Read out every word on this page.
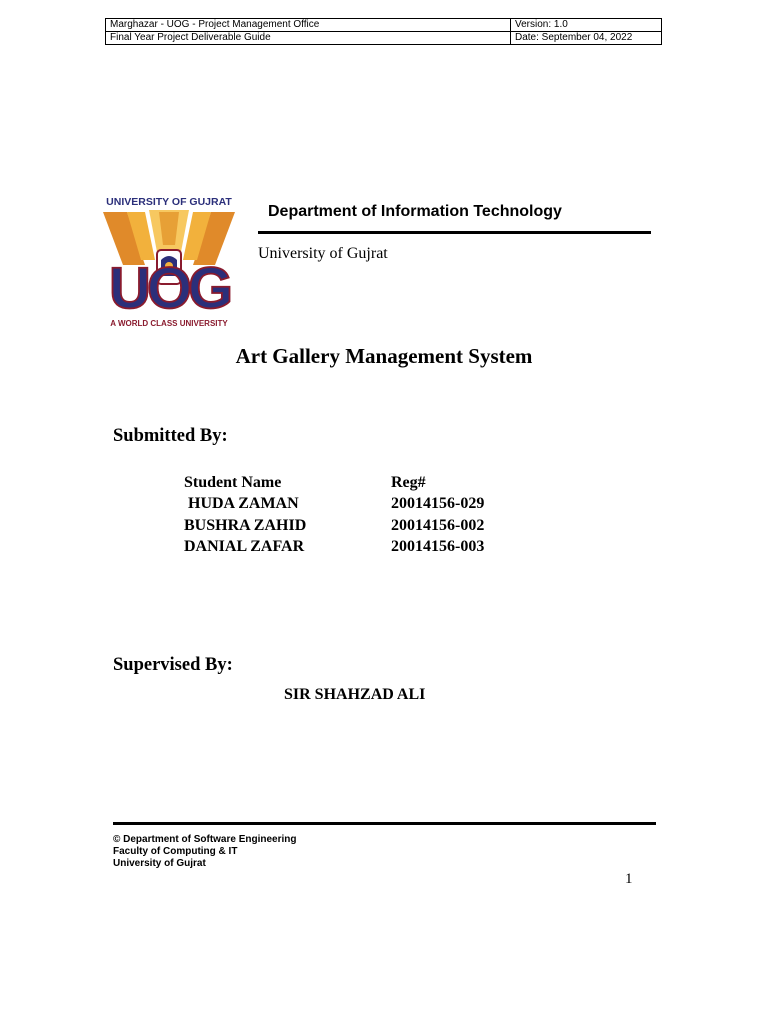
Marghazar - UOG - Project Management Office	Version: 1.0
Final Year Project Deliverable Guide	Date: September 04, 2022
UNIVERSITY OF GUJRAT
UOG
A WORLD CLASS UNIVERSITY
Department of Information Technology
University of Gujrat
Art Gallery Management System
Submitted By:
Student Name	Reg#
HUDA ZAMAN	20014156-029
BUSHRA ZAHID	20014156-002
DANIAL ZAFAR	20014156-003
Supervised By:
SIR SHAHZAD ALI
© Department of Software Engineering
Faculty of Computing & IT
University of Gujrat
1
